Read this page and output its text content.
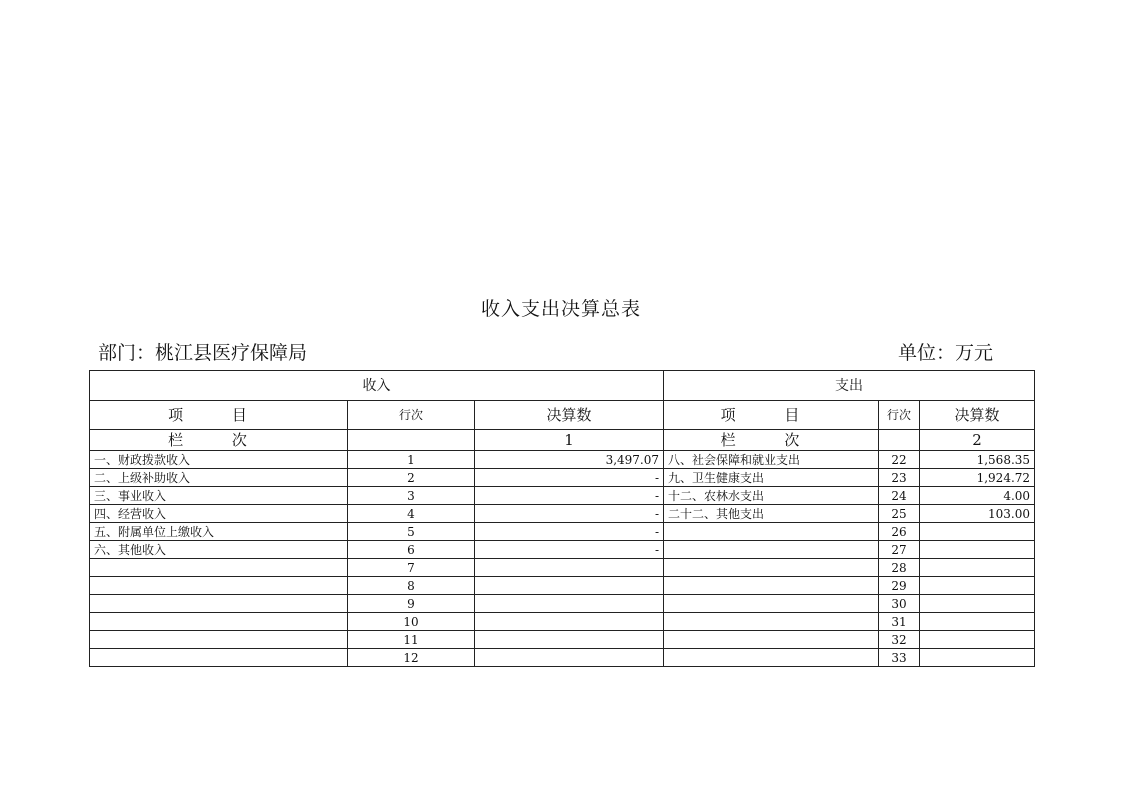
收入支出决算总表
部门：桃江县医疗保障局	单位：万元
收入			支出		
项 目	行次	决算数	项 目	行次	决算数
栏 次		1	栏 次		2
一、财政拨款收入	1	3,497.07	八、社会保障和就业支出	22	1,568.35
二、上级补助收入	2	-	九、卫生健康支出	23	1,924.72
三、事业收入	3	-	十二、农林水支出	24	4.00
四、经营收入	4	-	二十二、其他支出	25	103.00
五、附属单位上缴收入	5	-		26	
六、其他收入	6	-		27	
	7			28	
	8			29	
	9			30	
	10			31	
	11			32	
	12			33	
